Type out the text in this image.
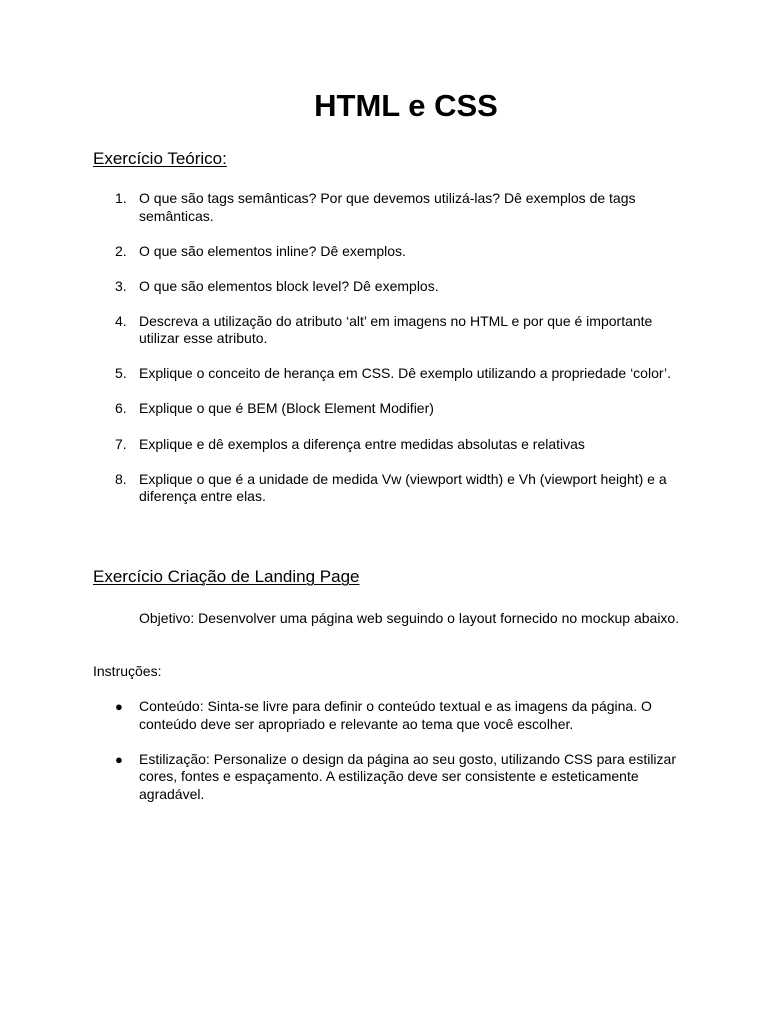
HTML e CSS
Exercício Teórico:
1. O que são tags semânticas? Por que devemos utilizá-las? Dê exemplos de tags semânticas.
2. O que são elementos inline? Dê exemplos.
3. O que são elementos block level? Dê exemplos.
4. Descreva a utilização do atributo ‘alt’ em imagens no HTML e por que é importante utilizar esse atributo.
5. Explique o conceito de herança em CSS. Dê exemplo utilizando a propriedade ‘color’.
6. Explique o que é BEM (Block Element Modifier)
7. Explique e dê exemplos a diferença entre medidas absolutas e relativas
8. Explique o que é a unidade de medida Vw (viewport width) e Vh (viewport height) e a diferença entre elas.
Exercício Criação de Landing Page

Objetivo: Desenvolver uma página web seguindo o layout fornecido no mockup abaixo.

Instruções:

● Conteúdo: Sinta-se livre para definir o conteúdo textual e as imagens da página. O conteúdo deve ser apropriado e relevante ao tema que você escolher.
● Estilização: Personalize o design da página ao seu gosto, utilizando CSS para estilizar cores, fontes e espaçamento. A estilização deve ser consistente e esteticamente agradável.
